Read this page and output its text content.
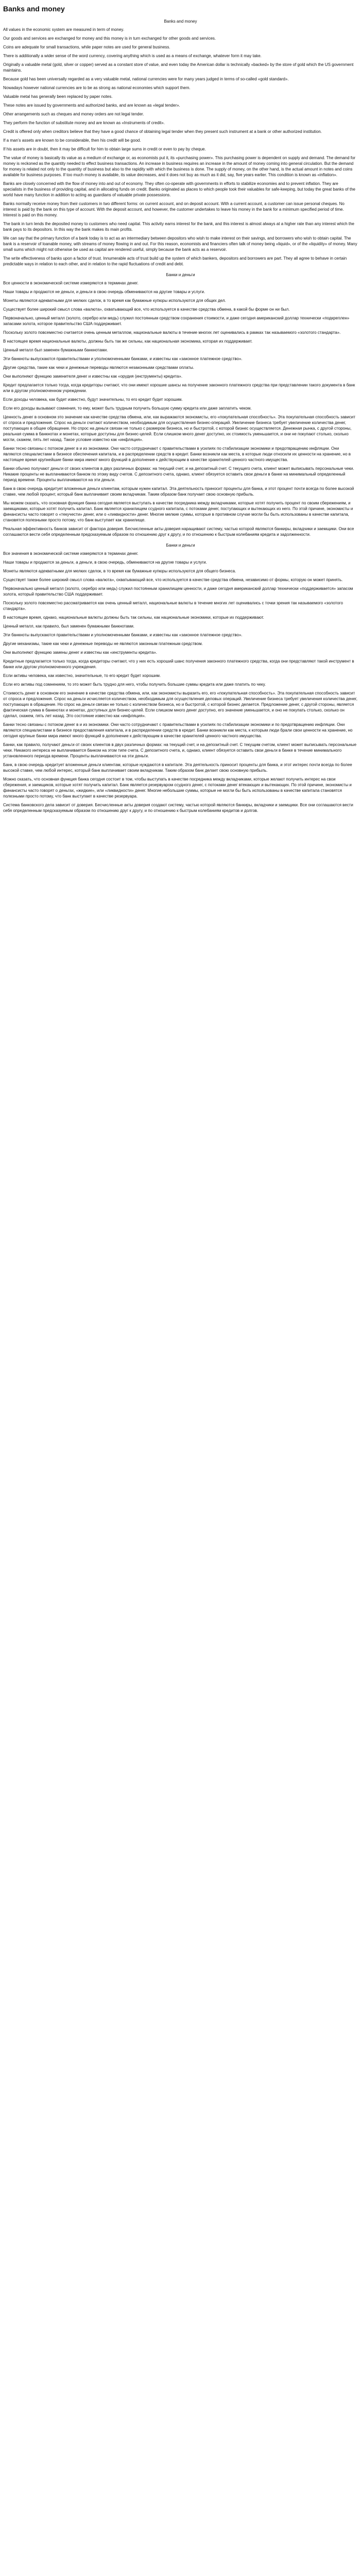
Banks and money
Banks and money

All values in the economic system are measured in term of money.

Our goods and services are exchanged for money and this money is in turn exchanged for other goods and services.

Coins are adequate for small transactions, while paper notes are used for general business.

There is additionally a wider sense of the word currency, covering anything which is used as a means of exchange, whatever form it may take.

Originally a valuable metal (gold, silver or copper) served as a constant store of value, and even today the American dollar is technically «backed» by the store of gold which the US government maintains.

Because gold has been universally regarded as a very valuable metal, national currencies were for many years judged in terms of so-called «gold standard».

Nowadays however national currencies are to be as strong as national economies which support them.

Valuable metal has generally been replaced by paper notes.

These notes are issued by governments and authorized banks, and are known as «legal tender».

Other arrangements such as cheques and money orders are not legal tender.

They perform the function of substitute money and are known as «Instruments of credit».

Credit is offered only when creditors believe that they have a good chance of obtaining legal tender when they present such instrument at a bank or other authorized institution.

If a man’s assets are known to be considerable, then his credit will be good.

If his assets are in doubt, then it may be difficult for him to obtain large sums in credit or even to pay by cheque.

The value of money is basically its value as a medium of exchange or, as economists put it, its «purchasing power». This purchasing power is dependent on supply and demand. The demand for money is reckoned as the quantity needed to effect business transactions. An increase in business requires an increase in the amount of money coming into general circulation. But the demand for money is related not only to the quantity of business but also to the rapidity with which the business is done. The supply of money, on the other hand, is the actual amount in notes and coins available for business purposes. If too much money is available, its value decreases, and it does not buy as much as it did, say, five years earlier. This condition is known as «inflation».

Banks are closely concerned with the flow of money into and out of economy. They often co-operate with governments in efforts to stabilize economies and to prevent inflation. They are specialists in the business of providing capital, and in allocating funds on credit. Banks originated as places to which people took their valuables for safe-keeping, but today the great banks of the world have many function in addition to acting as guardians of valuable private possessions.

Banks normally receive money from their customers in two different forms: on current account, and on deposit account. With a current account, a customer can issue personal cheques. No interest is paid by the bank on this type of account. With the deposit account, and however, the customer undertakes to leave his money in the bank for a minimum specified period of time. Interest is paid on this money.

The bank in turn lends the deposited money to customers who need capital. This activity earns interest for the bank, and this interest is almost always at a higher rate than any interest which the bank pays to its depositors. In this way the bank makes its main profits.

We can say that the primary function of a bank today is to act as an intermediary between depositors who wish to make interest on their savings, and borrowers who wish to obtain capital. The bank is a reservoir of loanable money, with streams of money flowing in and out. For this reason, economists and financiers often talk of money being «liquid», or of the «liquidity» of money. Many small sums which might not otherwise be used as capital are rendered useful, simply because the bank acts as a reservoir.

The write effectiveness of banks upon a factor of trust. Innumerable acts of trust build up the system of which bankers, depositors and borrowers are part. They all agree to behave in certain predictable ways in relation to each other, and in relation to the rapid fluctuations of credit and debt.

Банки и деньги

Все ценности в экономической системе измеряются в терминах денег.

Наши товары и продаются не деньги, и деньги в свою очередь обмениваются на другие товары и услуги.

Монеты являются адекватными для мелких сделок, в то время как бумажные купюры используются для общих дел.

Существует более широкий смысл слова «валюта», охватывающий все, что используется в качестве средства обмена, в какой бы форме он ни был.

Первоначально, ценный металл (золото, серебро или медь) служил постоянным средством сохранения стоимости, и даже сегодня американский доллар технически «подкреплен» запасами золота, которое правительство США поддерживает.

Поскольку золото повсеместно считается очень ценным металлом, национальные валюты в течение многих лет оценивались в рамках так называемого «золотого стандарта».

В настоящее время национальные валюты, должны быть так же сильны, как национальная экономика, которая их поддерживает.

Ценный металл был заменен бумажными банкнотами.

Эти банкноты выпускаются правительствами и уполномоченными банками, и известны как «законное платежное средство».

Другие средства, такие как чеки и денежные переводы являются незаконными средствами оплаты.

Они выполняют функцию заменителя денег и известны как «орудия (инструменты) кредита».

Кредит предлагается только тогда, когда кредиторы считают, что они имеют хорошие шансы на получение законного платежного средства при представлении такого документа в банк или в другом уполномоченном учреждении.

Если доходы человека, как будет известно, будут значительны, то его кредит будет хорошим.

Если его доходы вызывают сомнения, то ему, может быть трудным получить большую сумму кредита или даже заплатить чеком.

Ценность денег в основном это значение как качестве средства обмена, или, как выражаются экономисты, его «покупательная способность». Эта покупательная способность зависит от спроса и предложения. Спрос на деньги считают количеством, необходимым для осуществления бизнес-операций. Увеличение бизнеса требует увеличение количества денег, поступающих в общее обращение. Но спрос на деньги связан не только с размером бизнеса, но и быстротой, с которой бизнес осуществляется. Денежная рынка, с другой стороны, реальная сумма в банкнотах и монетах, которые доступны для бизнес-целей. Если слишком много денег доступно, их стоимость уменьшается, и они не покупают столько, сколько могли, скажем, пять лет назад. Такое условие известно как «инфляция».

Банки тесно связаны с потоком денег в и из экономики. Они часто сотрудничают с правительствами в усилиях по стабилизации экономики и предотвращению инфляции. Они являются специалистами в бизнесе обеспечения капитала, и в распределении средств в кредит. Банки возникли как места, в которые люди относили их ценности на хранение, но в настоящее время крупнейшие банки мира имеют много функций в дополнение к действующим в качестве хранителей ценного частного имущества.

Банки обычно получают деньги от своих клиентов в двух различных формах: на текущий счет, и на депозитный счет. С текущего счета, клиент может выписывать персональные чеки. Никакие проценты не выплачиваются банком по этому виду счетов. С депозитного счета, однако, клиент обязуется оставить свои деньги в банке на минимальный определенный период времени. Проценты выплачиваются на эти деньги.

Банк в свою очередь кредитует вложенные деньги клиентам, которым нужен капитал. Эта деятельность приносит проценты для банка, и этот процент почти всегда по более высокой ставке, чем любой процент, который банк выплачивает своим вкладчикам. Таким образом банк получает свою основную прибыль.

Мы можем сказать, что основная функция банка сегодня является выступать в качестве посредника между вкладчиками, которые хотят получить процент по своим сбережениям, и заемщиками, которые хотят получить капитал. Банк является хранилищем ссудного капитала, с потоками денег, поступающих и вытекающих из него. По этой причине, экономисты и финансисты часто говорят о «текучести» денег, или о «ликвидности» денег. Многие мелкие суммы, которые в противном случае могли бы быть использованы в качестве капитала, становятся полезными просто потому, что банк выступает как хранилище.

Реальная эффективность банков зависит от фактора доверия. Бесчисленные акты доверия наращивают систему, частью которой являются банкиры, вкладчики и заемщики. Они все соглашаются вести себя определенным предсказуемым образом по отношению друг к другу, и по отношению к быстрым колебаниям кредита и задолженности.

Банки и деньги

Все значения в экономической системе измеряются в терминах денег.

Наши товары и продаются за деньги, а деньги, в свою очередь, обмениваются на другие товары и услуги.

Монеты являются адекватными для мелких сделок, в то время как бумажные купюры используются для общего бизнеса.

Существует также более широкий смысл слова «валюта», охватывающий все, что используется в качестве средства обмена, независимо от формы, которую он может принять.

Первоначально ценный металл (золото, серебро или медь) служил постоянным хранилищем ценности, и даже сегодня американский доллар технически «поддерживается» запасом золота, который правительство США поддерживает.

Поскольку золото повсеместно рассматривается как очень ценный металл, национальные валюты в течение многих лет оценивались с точки зрения так называемого «золотого стандарта».

В настоящее время, однако, национальные валюты должны быть так сильны, как национальные экономики, которые их поддерживают.

Ценный металл, как правило, был заменен бумажными банкнотами.

Эти банкноты выпускаются правительствами и уполномоченными банками, и известны как «законное платежное средство».

Другие механизмы, такие как чеки и денежные переводы не являются законным платежным средством.

Они выполняют функцию замены денег и известны как «инструменты кредита».

Кредитные предлагается только тогда, когда кредиторы считают, что у них есть хороший шанс получения законного платежного средства, когда они представляют такой инструмент в банке или другом уполномоченного учреждения.

Если активы человека, как известно, значительные, то его кредит будет хорошим.

Если его активы под сомнением, то это может быть трудно для него, чтобы получить большие суммы кредита или даже платить по чеку.

Стоимость денег в основном его значение в качестве средства обмена, или, как экономисты выразить его, его «покупательная способность». Эта покупательная способность зависит от спроса и предложения. Спрос на деньги исчисляется количеством, необходимым для осуществления деловых операций. Увеличение бизнеса требует увеличения количества денег, поступающих в обращение. Но спрос на деньги связан не только с количеством бизнеса, но и быстротой, с которой бизнес делается. Предложение денег, с другой стороны, является фактическая сумма в банкнотах и монетах, доступных для бизнес-целей. Если слишком много денег доступно, его значение уменьшается, и оно не покупать столько, сколько он сделал, скажем, пять лет назад. Это состояние известно как «инфляция».

Банки тесно связаны с потоком денег в и из экономики. Они часто сотрудничают с правительствами в усилиях по стабилизации экономики и по предотвращению инфляции. Они являются специалистами в бизнесе предоставления капитала, и в распределении средств в кредит. Банки возникли как места, к которым люди брали свои ценности на хранение, но сегодня крупные банки мира имеют много функций в дополнение к действующим в качестве хранителей ценного частного имущества.

Банки, как правило, получают деньги от своих клиентов в двух различных формах: на текущий счет, и на депозитный счет. С текущим счетом, клиент может выписывать персональные чеки. Никакого интереса не выплачивается банком на этом типе счета. С депозитного счета, и, однако, клиент обязуется оставить свои деньги в банке в течение минимального установленного периода времени. Проценты выплачиваются на эти деньги.

Банк, в свою очередь кредитует вложенные деньги клиентам, которые нуждаются в капитале. Эта деятельность приносит проценты для банка, и этот интерес почти всегда по более высокой ставке, чем любой интерес, который банк выплачивает своим вкладчикам. Таким образом банк делает свою основную прибыль.

Можно сказать, что основная функция банка сегодня состоит в том, чтобы выступать в качестве посредника между вкладчиками, которые желают получить интерес на свои сбережения, и заемщиков, которые хотят получить капитал. Банк является резервуаром ссудного денег, с потоками денег втекающих и вытекающих. По этой причине, экономисты и финансисты часто говорят о деньгах, «жидкие», или «ликвидности» денег. Многие небольшие суммы, которые не могли бы быть использованы в качестве капитала становятся полезными просто потому, что банк выступает в качестве резервуара.

Система банковского дела зависит от доверия. Бесчисленные акты доверия создают систему, частью которой являются банкиры, вкладчики и заемщики. Все они соглашаются вести себя определенным предсказуемым образом по отношению друг к другу, и по отношению к быстрым колебаниям кредитов и долгов.
